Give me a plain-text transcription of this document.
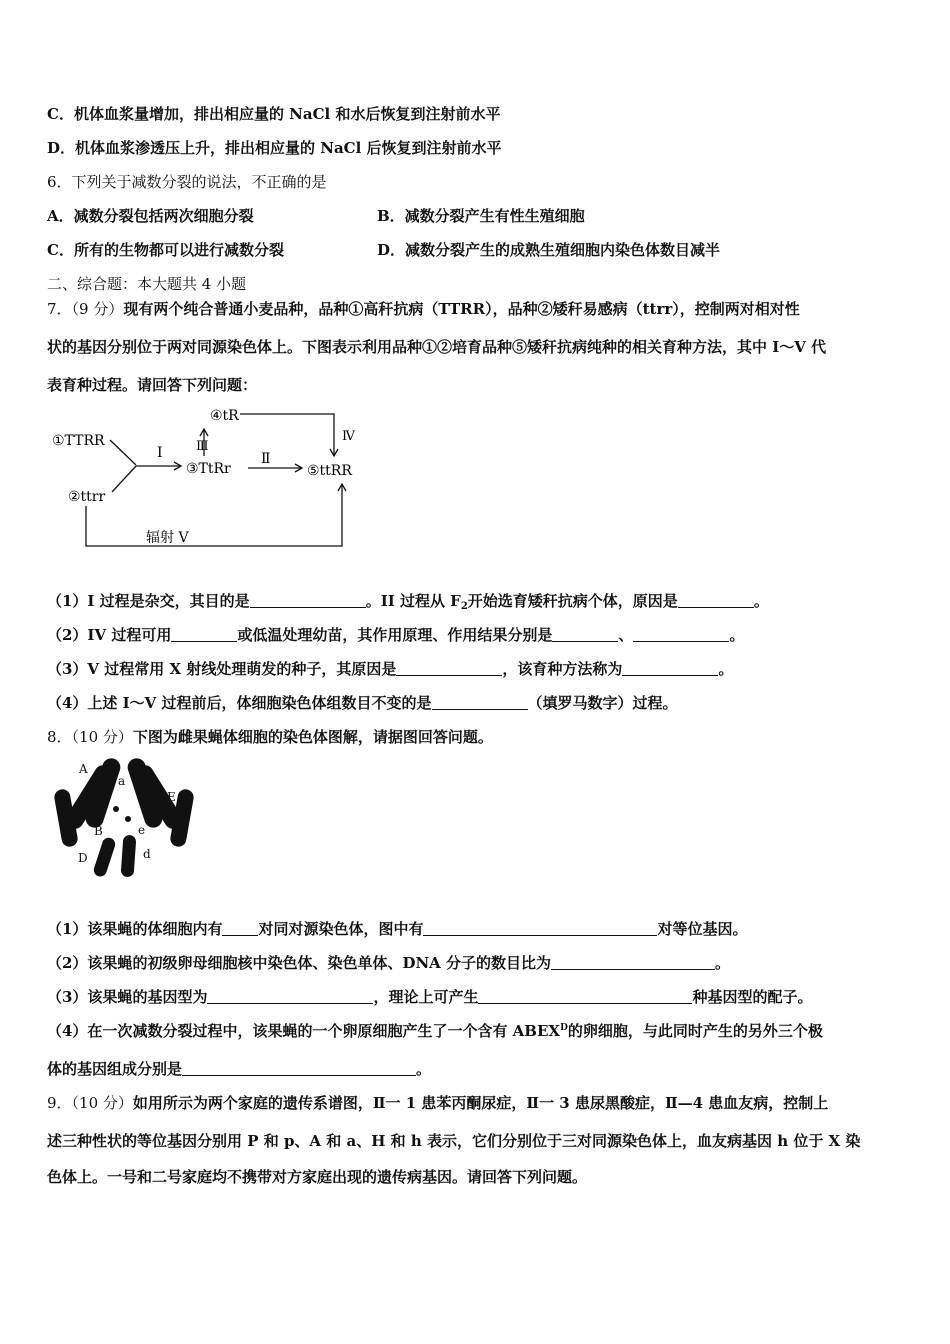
C．机体血浆量增加，排出相应量的 NaCl 和水后恢复到注射前水平
D．机体血浆渗透压上升，排出相应量的 NaCl 后恢复到注射前水平
6．下列关于减数分裂的说法，不正确的是
A．减数分裂包括两次细胞分裂	B．减数分裂产生有性生殖细胞
C．所有的生物都可以进行减数分裂	D．减数分裂产生的成熟生殖细胞内染色体数目减半
二、综合题：本大题共 4 小题
7．（9 分）现有两个纯合普通小麦品种，品种①高秆抗病（TTRR），品种②矮秆易感病（ttrr），控制两对相对性
状的基因分别位于两对同源染色体上。下图表示利用品种①②培育品种⑤矮秆抗病纯种的相关育种方法，其中 I～V 代
表育种过程。请回答下列问题：
①TTRR
②ttrr
③TtRr
④tR
⑤ttRR
I	Ⅱ
Ⅲ
Ⅳ
辐射 V
（1）I 过程是杂交，其目的是	。II 过程从 $F_2$开始选育矮秆抗病个体，原因是	。
（2）IV 过程可用	或低温处理幼苗，其作用原理、作用结果分别是	、	。
（3）V 过程常用 X 射线处理萌发的种子，其原因是	，该育种方法称为	。
（4）上述 I～V 过程前后，体细胞染色体组数目不变的是	（填罗马数字）过程。
8．（10 分）下图为雌果蝇体细胞的染色体图解，请据图回答问题。
A
a
B	E
B	e
D	d
（1）该果蝇的体细胞内有 对同对源染色体，图中有	对等位基因。
（2）该果蝇的初级卵母细胞核中染色体、染色单体、DNA 分子的数目比为	。
（3）该果蝇的基因型为	，理论上可产生	种基因型的配子。
（4）在一次减数分裂过程中，该果蝇的一个卵原细胞产生了一个含有 $ABEX^D$的卵细胞，与此同时产生的另外三个极
体的基因组成分别是	。
9．（10 分）如用所示为两个家庭的遗传系谱图，Ⅱ一 1 患苯丙酮尿症，Ⅱ一 3 患尿黑酸症，Ⅱ—4 患血友病，控制上
述三种性状的等位基因分别用 P 和 p、A 和 a、H 和 h 表示，它们分别位于三对同源染色体上，血友病基因 h 位于 X 染
色体上。一号和二号家庭均不携带对方家庭出现的遗传病基因。请回答下列问题。
